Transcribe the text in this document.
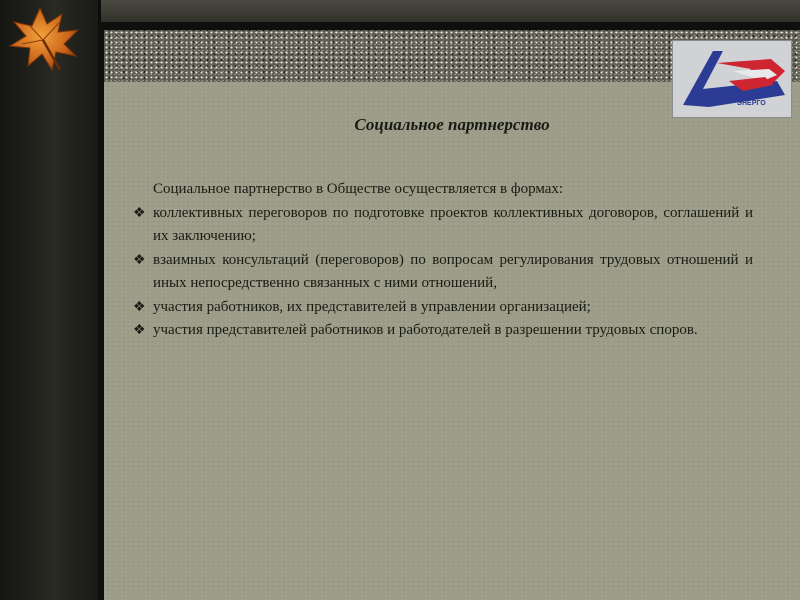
ЭНЕРГО
Социальное партнерство

Социальное партнерство в Обществе осуществляется в формах:

❖ коллективных переговоров по подготовке проектов коллективных договоров, соглашений и их заключению;
❖ взаимных консультаций (переговоров) по вопросам регулирования трудовых отношений и иных непосредственно связанных с ними отношений,
❖ участия работников, их представителей в управлении организацией;
❖ участия представителей работников и работодателей в разрешении трудовых споров.
